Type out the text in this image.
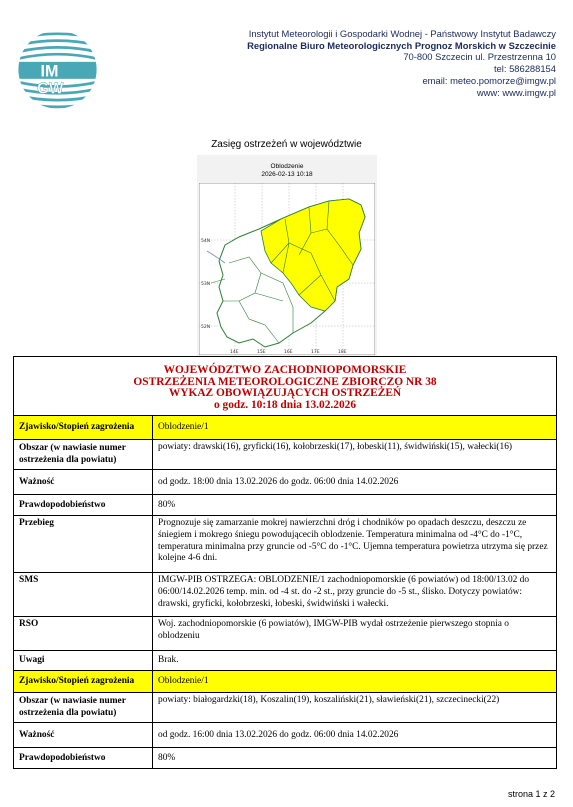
IM
GW
Instytut Meteorologii i Gospodarki Wodnej - Państwowy Instytut Badawczy
Regionalne Biuro Meteorologicznych Prognoz Morskich w Szczecinie
70-800 Szczecin ul. Przestrzenna 10
tel: 586288154
email: meteo.pomorze@imgw.pl
www: www.imgw.pl
Zasięg ostrzeżeń w województwie
Oblodzenie
2026-02-13 10:18
14E	15E	16E	17E	18E
54N
53N
52N
WOJEWÓDZTWO ZACHODNIOPOMORSKIE
OSTRZEŻENIA METEOROLOGICZNE ZBIORCZO NR 38
WYKAZ OBOWIĄZUJĄCYCH OSTRZEŻEŃ
o godz. 10:18 dnia 13.02.2026	

Zjawisko/Stopień zagrożenia	Oblodzenie/1
Obszar (w nawiasie numer ostrzeżenia dla powiatu)	powiaty: drawski(16), gryficki(16), kołobrzeski(17), łobeski(11), świdwiński(15), wałecki(16)
Ważność	od godz. 18:00 dnia 13.02.2026 do godz. 06:00 dnia 14.02.2026
Prawdopodobieństwo	80%
Przebieg	Prognozuje się zamarzanie mokrej nawierzchni dróg i chodników po opadach deszczu, deszczu ze śniegiem i mokrego śniegu powodującecih oblodzenie. Temperatura minimalna od -4°C do -1°C, temperatura minimalna przy gruncie od -5°C do -1°C. Ujemna temperatura powietrza utrzyma się przez kolejne 4-6 dni.
SMS	IMGW-PIB OSTRZEGA: OBLODZENIE/1 zachodniopomorskie (6 powiatów) od 18:00/13.02 do 06:00/14.02.2026 temp. min. od -4 st. do -2 st., przy gruncie do -5 st., ślisko. Dotyczy powiatów: drawski, gryficki, kołobrzeski, łobeski, świdwiński i wałecki.
RSO	Woj. zachodniopomorskie (6 powiatów), IMGW-PIB wydał ostrzeżenie pierwszego stopnia o oblodzeniu
Uwagi	Brak.
Zjawisko/Stopień zagrożenia	Oblodzenie/1
Obszar (w nawiasie numer ostrzeżenia dla powiatu)	powiaty: białogardzki(18), Koszalin(19), koszaliński(21), sławieński(21), szczecinecki(22)
Ważność	od godz. 16:00 dnia 13.02.2026 do godz. 06:00 dnia 14.02.2026
Prawdopodobieństwo	80%
strona 1 z 2
